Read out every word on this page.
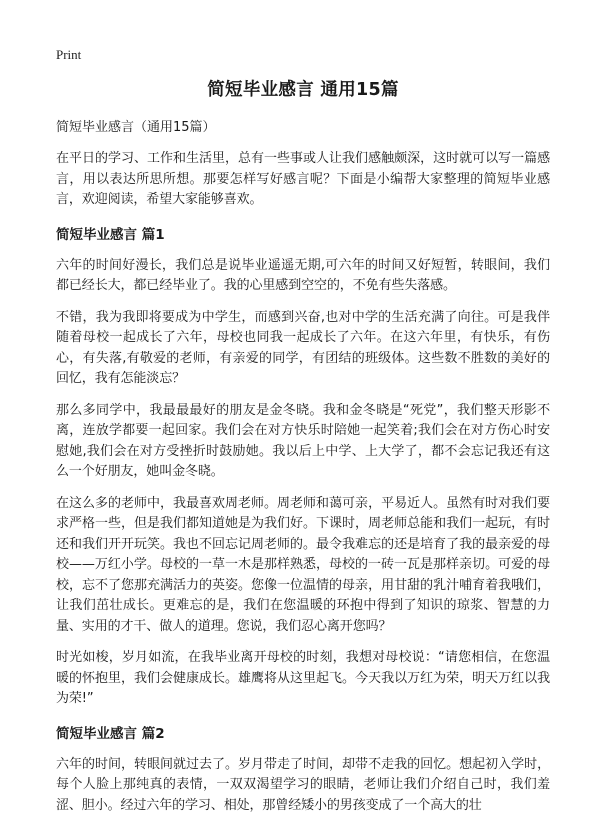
Print
简短毕业感言 通用15篇
简短毕业感言（通用15篇）

在平日的学习、工作和生活里，总有一些事或人让我们感触颇深，这时就可以写一篇感言，用以表达所思所想。那要怎样写好感言呢？下面是小编帮大家整理的简短毕业感言，欢迎阅读，希望大家能够喜欢。

简短毕业感言 篇1

六年的时间好漫长，我们总是说毕业遥遥无期,可六年的时间又好短暂，转眼间，我们都已经长大，都已经毕业了。我的心里感到空空的，不免有些失落感。

不错，我为我即将要成为中学生，而感到兴奋,也对中学的生活充满了向往。可是我伴随着母校一起成长了六年，母校也同我一起成长了六年。在这六年里，有快乐，有伤心，有失落,有敬爱的老师，有亲爱的同学，有团结的班级体。这些数不胜数的美好的回忆，我有怎能淡忘？

那么多同学中，我最最最好的朋友是金冬晓。我和金冬晓是“死党”，我们整天形影不离，连放学都要一起回家。我们会在对方快乐时陪她一起笑着;我们会在对方伤心时安慰她,我们会在对方受挫折时鼓励她。我以后上中学、上大学了，都不会忘记我还有这么一个好朋友，她叫金冬晓。

在这么多的老师中，我最喜欢周老师。周老师和蔼可亲，平易近人。虽然有时对我们要求严格一些，但是我们都知道她是为我们好。下课时，周老师总能和我们一起玩，有时还和我们开开玩笑。我也不回忘记周老师的。最令我难忘的还是培育了我的最亲爱的母校——万红小学。母校的一草一木是那样熟悉，母校的一砖一瓦是那样亲切。可爱的母校，忘不了您那充满活力的英姿。您像一位温情的母亲，用甘甜的乳汁哺育着我哦们，让我们茁壮成长。更难忘的是，我们在您温暖的环抱中得到了知识的琼浆、智慧的力量、实用的才干、做人的道理。您说，我们忍心离开您吗？

时光如梭，岁月如流，在我毕业离开母校的时刻，我想对母校说：“请您相信，在您温暖的怀抱里，我们会健康成长。雄鹰将从这里起飞。今天我以万红为荣，明天万红以我为荣!”

简短毕业感言 篇2

六年的时间，转眼间就过去了。岁月带走了时间，却带不走我的回忆。想起初入学时，每个人脸上那纯真的表情，一双双渴望学习的眼睛，老师让我们介绍自己时，我们羞涩、胆小。经过六年的学习、相处，那曾经矮小的男孩变成了一个高大的壮
